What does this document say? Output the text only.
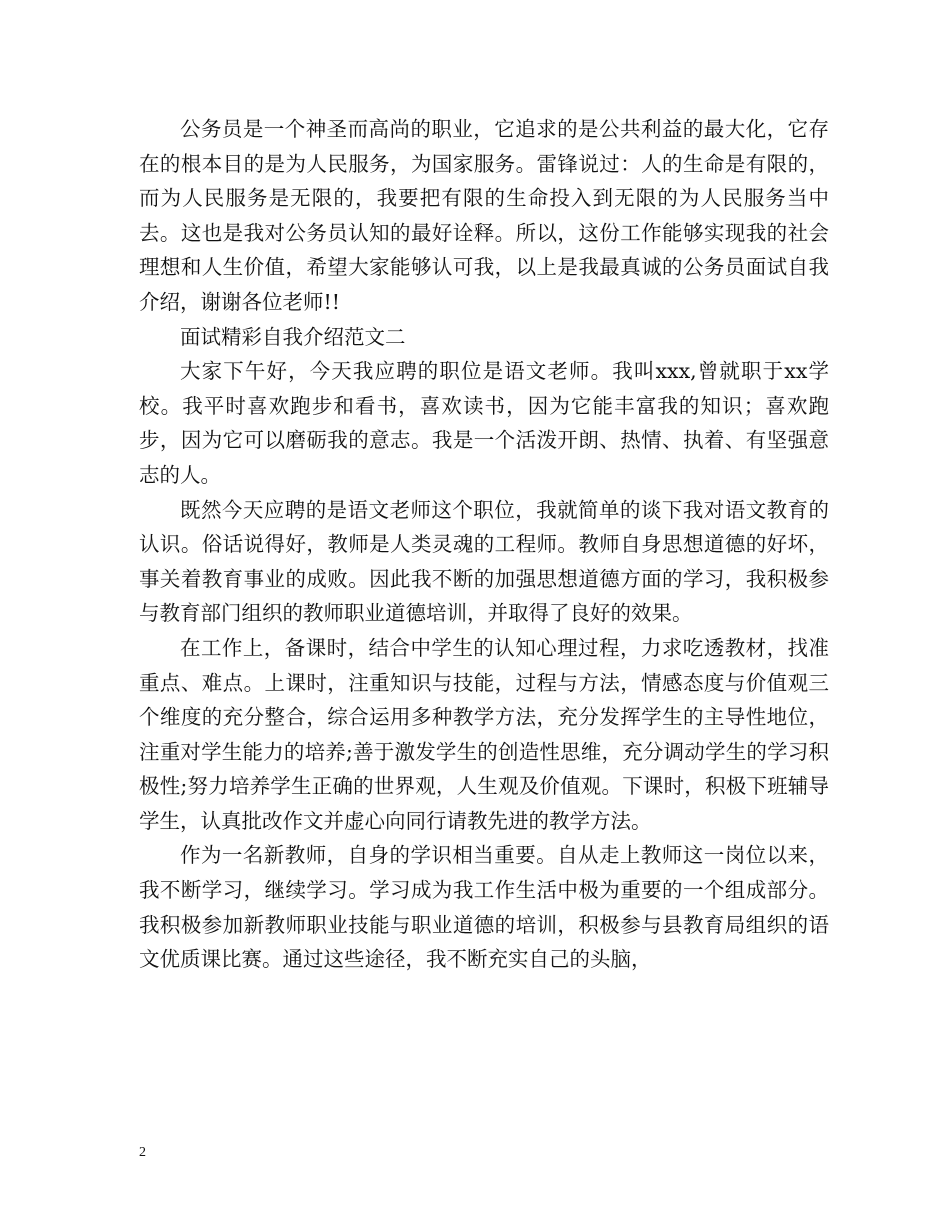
公务员是一个神圣而高尚的职业，它追求的是公共利益的最大化，它存在的根本目的是为人民服务，为国家服务。雷锋说过：人的生命是有限的，而为人民服务是无限的，我要把有限的生命投入到无限的为人民服务当中去。这也是我对公务员认知的最好诠释。所以，这份工作能够实现我的社会理想和人生价值，希望大家能够认可我，以上是我最真诚的公务员面试自我介绍，谢谢各位老师!!

面试精彩自我介绍范文二

大家下午好，今天我应聘的职位是语文老师。我叫xxx,曾就职于xx学校。我平时喜欢跑步和看书，喜欢读书，因为它能丰富我的知识；喜欢跑步，因为它可以磨砺我的意志。我是一个活泼开朗、热情、执着、有坚强意志的人。

既然今天应聘的是语文老师这个职位，我就简单的谈下我对语文教育的认识。俗话说得好，教师是人类灵魂的工程师。教师自身思想道德的好坏，事关着教育事业的成败。因此我不断的加强思想道德方面的学习，我积极参与教育部门组织的教师职业道德培训，并取得了良好的效果。

在工作上，备课时，结合中学生的认知心理过程，力求吃透教材，找准重点、难点。上课时，注重知识与技能，过程与方法，情感态度与价值观三个维度的充分整合，综合运用多种教学方法，充分发挥学生的主导性地位，注重对学生能力的培养;善于激发学生的创造性思维，充分调动学生的学习积极性;努力培养学生正确的世界观，人生观及价值观。下课时，积极下班辅导学生，认真批改作文并虚心向同行请教先进的教学方法。

作为一名新教师，自身的学识相当重要。自从走上教师这一岗位以来，我不断学习，继续学习。学习成为我工作生活中极为重要的一个组成部分。我积极参加新教师职业技能与职业道德的培训，积极参与县教育局组织的语文优质课比赛。通过这些途径，我不断充实自己的头脑，

2
